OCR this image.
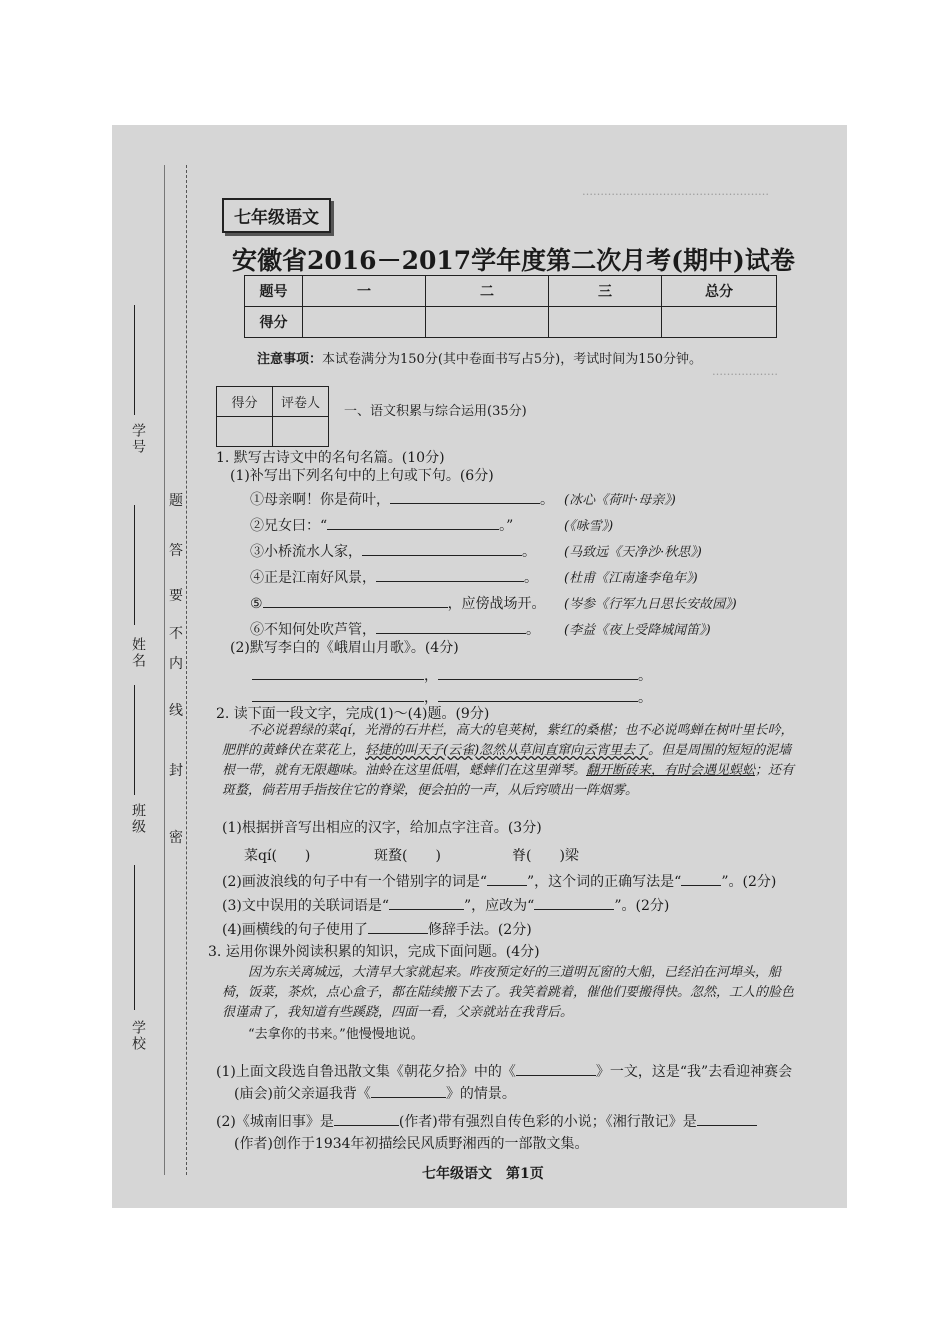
……………………………………………
………………
学号
姓名
班级
学校
密
封
线
内
不
要
答
题
七年级语文
安徽省2016－2017学年度第二次月考(期中)试卷
题号	一	二	三	总分
得分				
注意事项：本试卷满分为150分(其中卷面书写占5分)，考试时间为150分钟。
得分	评卷人

一、语文积累与综合运用(35分)
1. 默写古诗文中的名句名篇。(10分)
(1)补写出下列名句中的上句或下句。(6分)
①母亲啊！你是荷叶，	。 (冰心《荷叶·母亲》)
②兄女曰：“	。”	(《咏雪》)
③小桥流水人家，	。 (马致远《天净沙·秋思》)
④正是江南好风景，	。 (杜甫《江南逢李龟年》)
⑤	，应傍战场开。 (岑参《行军九日思长安故园》)
⑥不知何处吹芦管，	。 (李益《夜上受降城闻笛》)
(2)默写李白的《峨眉山月歌》。(4分)
，	。
，	。
2. 读下面一段文字，完成(1)～(4)题。(9分)
不必说碧绿的菜qí，光滑的石井栏，高大的皂荚树，紫红的桑椹；也不必说鸣蝉在树叶里长吟，肥胖的黄蜂伏在菜花上，轻捷的叫天子(云雀)忽然从草间直窜向云宵里去了。但是周围的短短的泥墙根一带，就有无限趣味。油蛉在这里低唱，蟋蟀们在这里弹琴。翻开断砖来，有时会遇见蜈蚣；还有斑蝥，倘若用手指按住它的脊梁，便会拍的一声，从后窍喷出一阵烟雾。
(1)根据拼音写出相应的汉字，给加点字注音。(3分)
菜qí(　　)	斑蝥(　　)	脊(　　)梁
(2)画波浪线的句子中有一个错别字的词是“	”，这个词的正确写法是“	”。(2分)
(3)文中误用的关联词语是“	”，应改为“	”。(2分)
(4)画横线的句子使用了	修辞手法。(2分)
3. 运用你课外阅读积累的知识，完成下面问题。(4分)
因为东关离城远，大清早大家就起来。昨夜预定好的三道明瓦窗的大船，已经泊在河埠头，船椅，饭菜，茶炊，点心盒子，都在陆续搬下去了。我笑着跳着，催他们要搬得快。忽然，工人的脸色很谨肃了，我知道有些蹊跷，四面一看，父亲就站在我背后。
“去拿你的书来。”他慢慢地说。
(1)上面文段选自鲁迅散文集《朝花夕拾》中的《	》一文，这是“我”去看迎神赛会
(庙会)前父亲逼我背《	》的情景。
(2)《城南旧事》是	(作者)带有强烈自传色彩的小说；《湘行散记》是
(作者)创作于1934年初描绘民风质野湘西的一部散文集。
七年级语文　第1页
